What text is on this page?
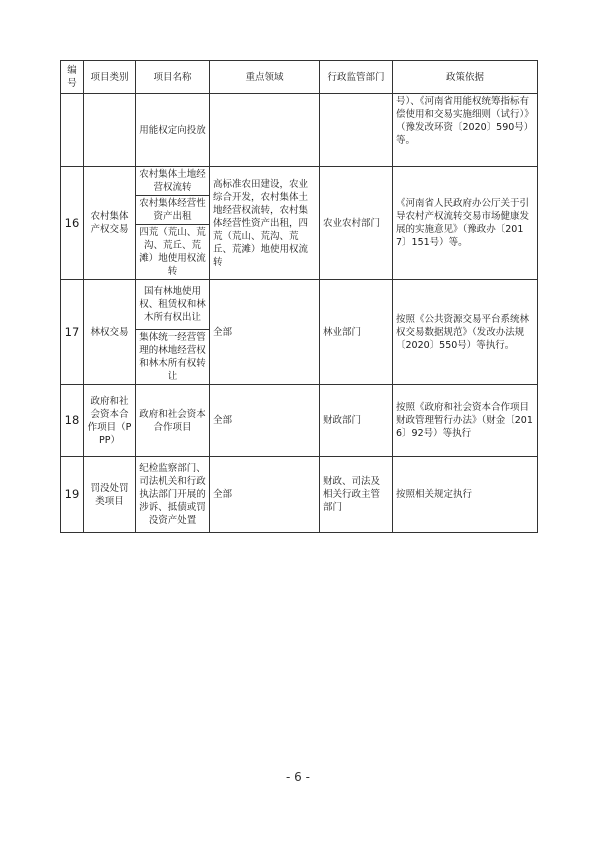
编号	项目类别	项目名称	重点领域	行政监管部门	政策依据
		用能权定向投放			号）、《河南省用能权统筹指标有偿使用和交易实施细则（试行）》（豫发改环资〔2020〕590号）等。
16	农村集体产权交易	农村集体土地经营权流转	高标准农田建设，农业综合开发，农村集体土地经营权流转，农村集体经营性资产出租，四荒（荒山、荒沟、荒丘、荒滩）地使用权流转	农业农村部门	《河南省人民政府办公厅关于引导农村产权流转交易市场健康发展的实施意见》（豫政办〔2017〕151号）等。
		农村集体经营性资产出租			
		四荒（荒山、荒沟、荒丘、荒滩）地使用权流转			
17	林权交易	国有林地使用权、租赁权和林木所有权出让	全部	林业部门	按照《公共资源交易平台系统林权交易数据规范》（发改办法规〔2020〕550号）等执行。
		集体统一经营管理的林地经营权和林木所有权转让			
18	政府和社会资本合作项目（PPP）	政府和社会资本合作项目	全部	财政部门	按照《政府和社会资本合作项目财政管理暂行办法》（财金〔2016〕92号）等执行
19	罚没处罚类项目	纪检监察部门、司法机关和行政执法部门开展的涉诉、抵债或罚没资产处置	全部	财政、司法及相关行政主管部门	按照相关规定执行
- 6 -
